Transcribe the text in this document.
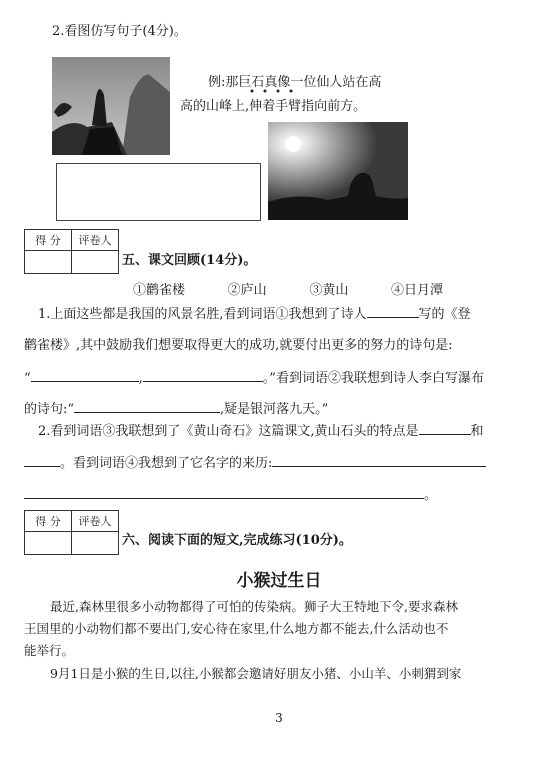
2.看图仿写句子(4分)。
例:那巨石真像一位仙人站在高
高的山峰上,伸着手臂指向前方。
得 分	评卷人

五、课文回顾(14分)。
①鹳雀楼	②庐山	③黄山	④日月潭
1.上面这些都是我国的风景名胜,看到词语①我想到了诗人	写的《登
鹳雀楼》,其中鼓励我们想要取得更大的成功,就要付出更多的努力的诗句是:
“	,	。”看到词语②我联想到诗人李白写瀑布
的诗句:“	,疑是银河落九天。”
2.看到词语③我联想到了《黄山奇石》这篇课文,黄山石头的特点是	和
。看到词语④我想到了它名字的来历:
。
得 分	评卷人

六、阅读下面的短文,完成练习(10分)。
小猴过生日
最近,森林里很多小动物都得了可怕的传染病。狮子大王特地下令,要求森林
王国里的小动物们都不要出门,安心待在家里,什么地方都不能去,什么活动也不
能举行。
9月1日是小猴的生日,以往,小猴都会邀请好朋友小猪、小山羊、小刺猬到家
3
